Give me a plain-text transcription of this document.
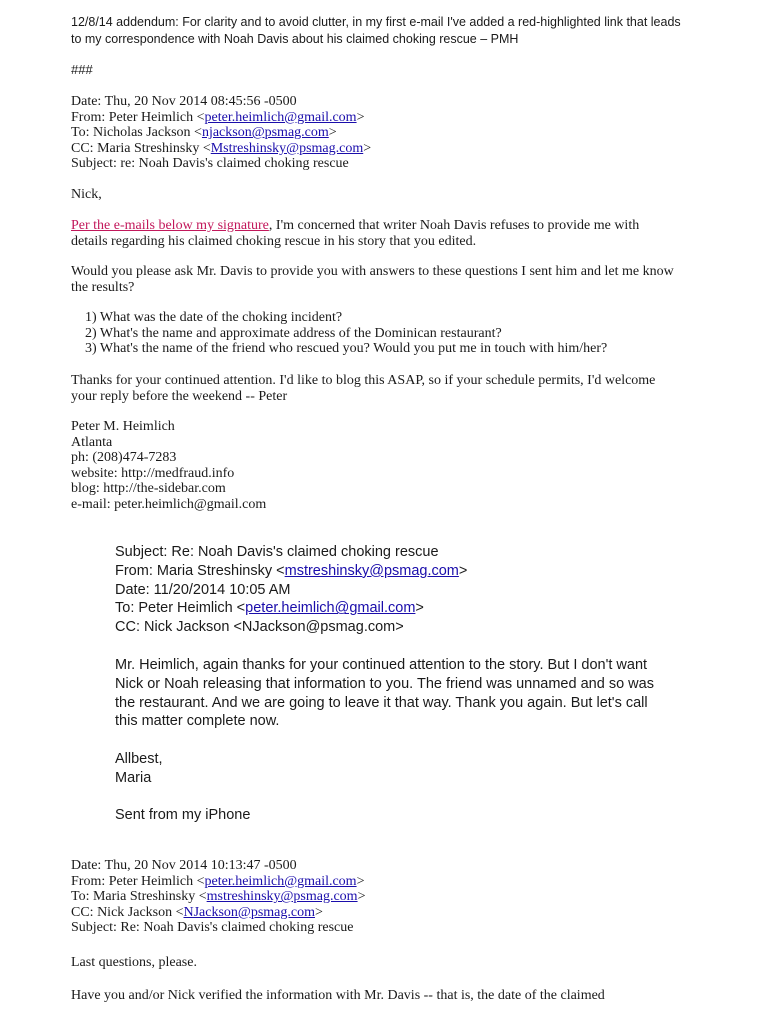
12/8/14 addendum: For clarity and to avoid clutter, in my first e-mail I've added a red-highlighted link that leads
to my correspondence with Noah Davis about his claimed choking rescue – PMH
###
Date: Thu, 20 Nov 2014 08:45:56 -0500
From: Peter Heimlich <peter.heimlich@gmail.com>
To: Nicholas Jackson <njackson@psmag.com>
CC: Maria Streshinsky <Mstreshinsky@psmag.com>
Subject: re: Noah Davis's claimed choking rescue
Nick,
Per the e-mails below my signature, I'm concerned that writer Noah Davis refuses to provide me with
details regarding his claimed choking rescue in his story that you edited.
Would you please ask Mr. Davis to provide you with answers to these questions I sent him and let me know
the results?
1) What was the date of the choking incident?
2) What's the name and approximate address of the Dominican restaurant?
3) What's the name of the friend who rescued you? Would you put me in touch with him/her?
Thanks for your continued attention. I'd like to blog this ASAP, so if your schedule permits, I'd welcome
your reply before the weekend -- Peter
Peter M. Heimlich
Atlanta
ph: (208)474-7283
website: http://medfraud.info
blog: http://the-sidebar.com
e-mail: peter.heimlich@gmail.com
Subject: Re: Noah Davis's claimed choking rescue
From: Maria Streshinsky <mstreshinsky@psmag.com>
Date: 11/20/2014 10:05 AM
To: Peter Heimlich <peter.heimlich@gmail.com>
CC: Nick Jackson <NJackson@psmag.com>
Mr. Heimlich, again thanks for your continued attention to the story. But I don't want
Nick or Noah releasing that information to you. The friend was unnamed and so was
the restaurant. And we are going to leave it that way. Thank you again. But let's call
this matter complete now.
Allbest,
Maria
Sent from my iPhone
Date: Thu, 20 Nov 2014 10:13:47 -0500
From: Peter Heimlich <peter.heimlich@gmail.com>
To: Maria Streshinsky <mstreshinsky@psmag.com>
CC: Nick Jackson <NJackson@psmag.com>
Subject: Re: Noah Davis's claimed choking rescue
Last questions, please.
Have you and/or Nick verified the information with Mr. Davis -- that is, the date of the claimed
